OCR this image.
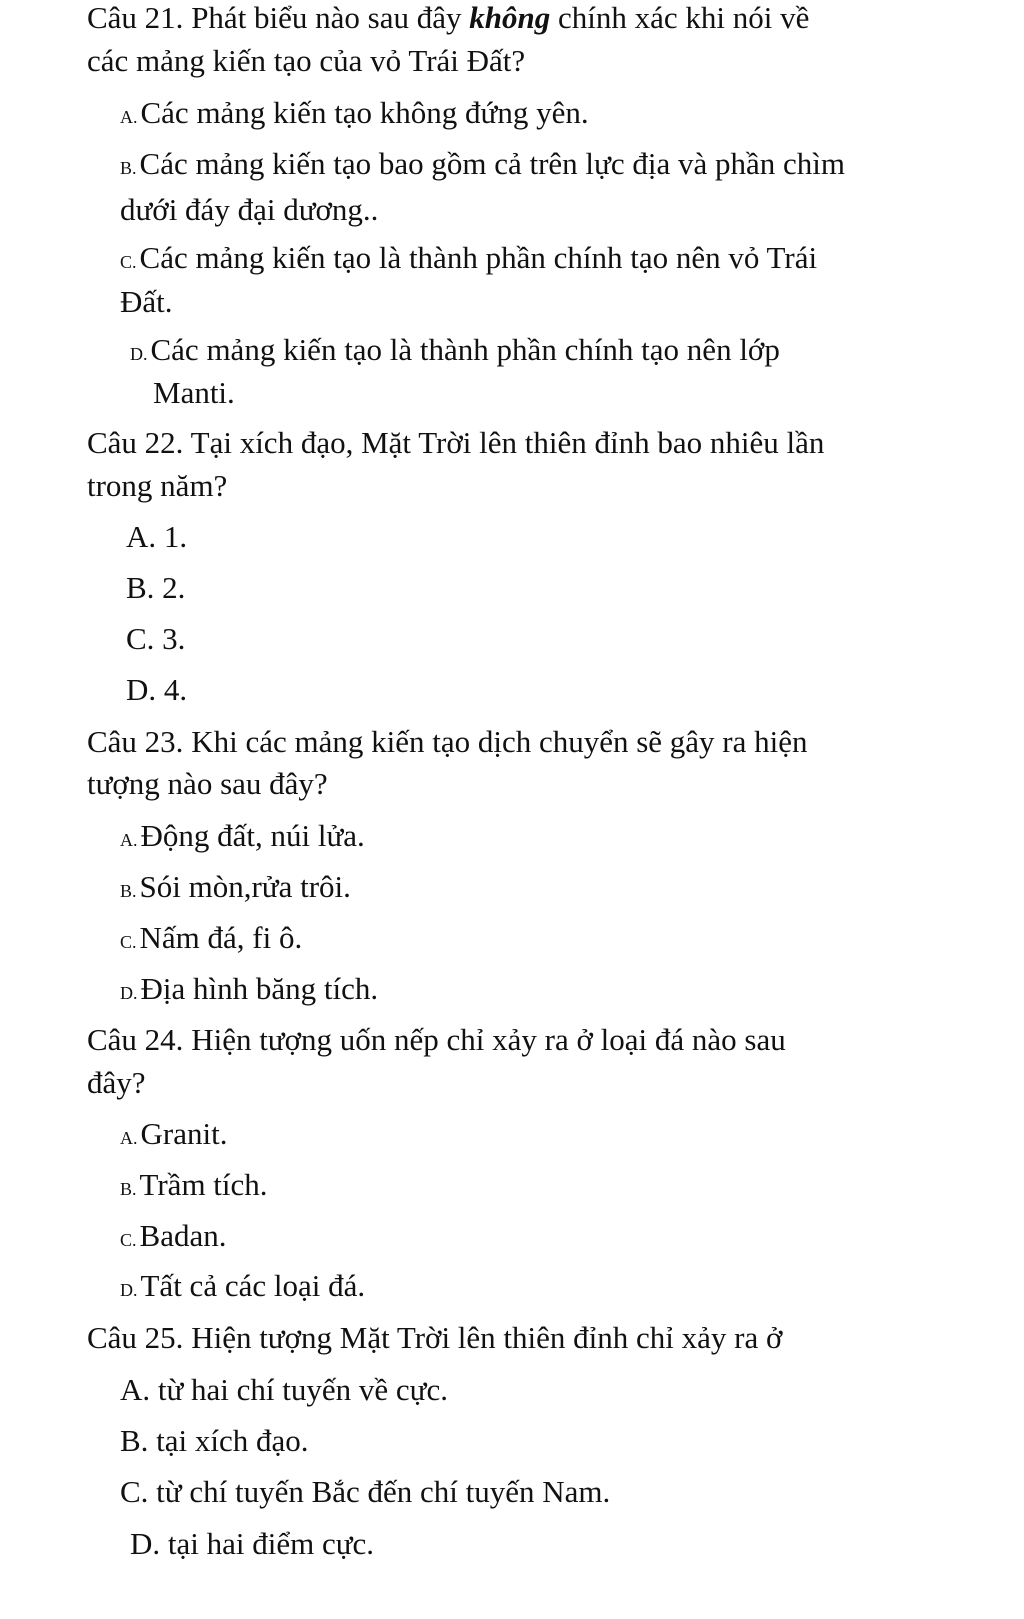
Câu 21. Phát biểu nào sau đây không chính xác khi nói về
các mảng kiến tạo của vỏ Trái Đất?
A.Các mảng kiến tạo không đứng yên.
B.Các mảng kiến tạo bao gồm cả trên lực địa và phần chìm
dưới đáy đại dương..
C.Các mảng kiến tạo là thành phần chính tạo nên vỏ Trái
Đất.
D.Các mảng kiến tạo là thành phần chính tạo nên lớp
Manti.
Câu 22. Tại xích đạo, Mặt Trời lên thiên đỉnh bao nhiêu lần
trong năm?
A. 1.
B. 2.
C. 3.
D. 4.
Câu 23. Khi các mảng kiến tạo dịch chuyển sẽ gây ra hiện
tượng nào sau đây?
A.Động đất, núi lửa.
B.Sói mòn,rửa trôi.
C.Nấm đá, fi ô.
D.Địa hình băng tích.
Câu 24. Hiện tượng uốn nếp chỉ xảy ra ở loại đá nào sau
đây?
A.Granit.
B.Trầm tích.
C.Badan.
D.Tất cả các loại đá.
Câu 25. Hiện tượng Mặt Trời lên thiên đỉnh chỉ xảy ra ở
A. từ hai chí tuyến về cực.
B. tại xích đạo.
C. từ chí tuyến Bắc đến chí tuyến Nam.
D. tại hai điểm cực.
